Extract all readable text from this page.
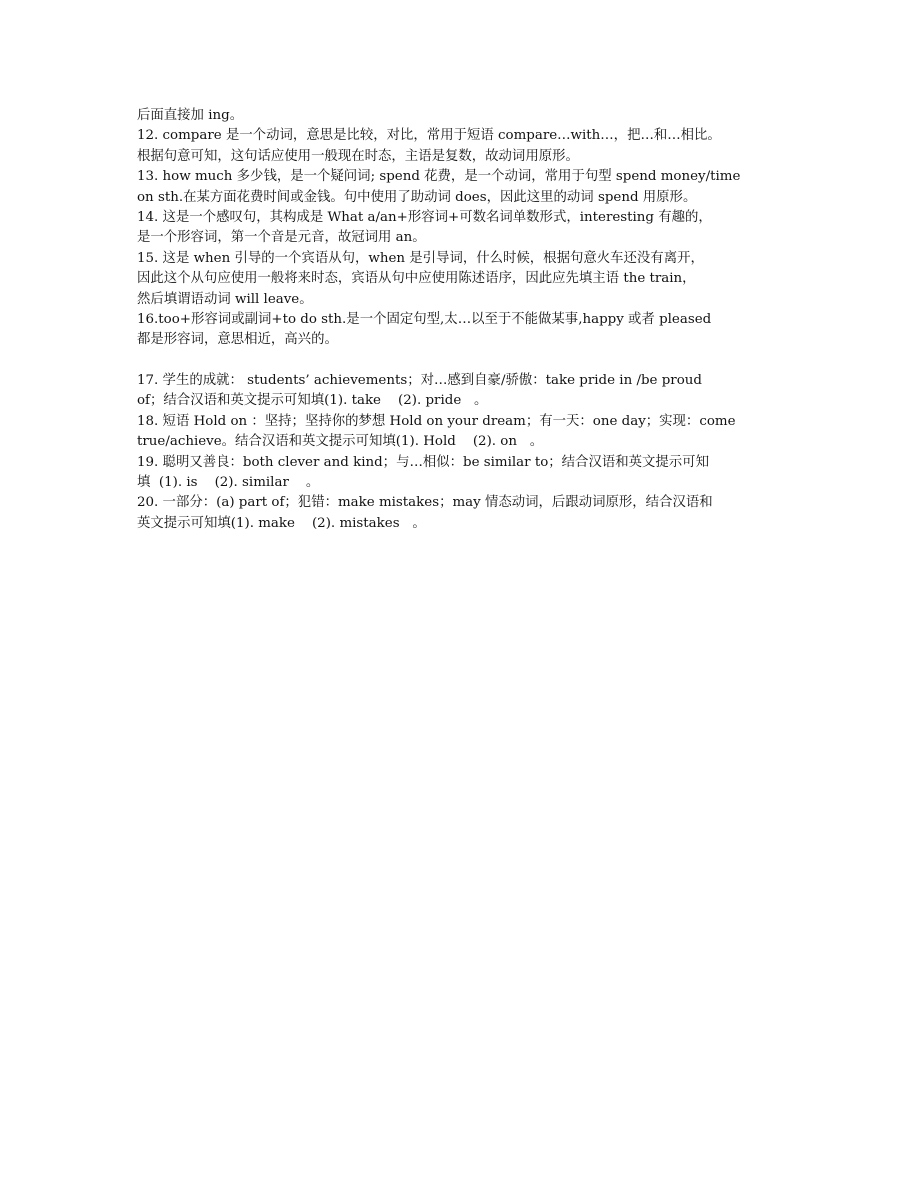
后面直接加 ing。
12. compare 是一个动词，意思是比较，对比，常用于短语 compare…with…，把…和…相比。
根据句意可知，这句话应使用一般现在时态，主语是复数，故动词用原形。
13. how much 多少钱，是一个疑问词; spend 花费，是一个动词，常用于句型 spend money/time
on sth.在某方面花费时间或金钱。句中使用了助动词 does，因此这里的动词 spend 用原形。
14. 这是一个感叹句，其构成是 What a/an+形容词+可数名词单数形式，interesting 有趣的，
是一个形容词，第一个音是元音，故冠词用 an。
15. 这是 when 引导的一个宾语从句，when 是引导词，什么时候，根据句意火车还没有离开，
因此这个从句应使用一般将来时态，宾语从句中应使用陈述语序，因此应先填主语 the train，
然后填谓语动词 will leave。
16.too+形容词或副词+to do sth.是一个固定句型,太…以至于不能做某事,happy 或者 pleased
都是形容词，意思相近，高兴的。
17. 学生的成就： students’ achievements；对…感到自豪/骄傲：take pride in /be proud
of；结合汉语和英文提示可知填(1). take    (2). pride   。
18. 短语 Hold on ：坚持；坚持你的梦想 Hold on your dream；有一天：one day；实现：come
true/achieve。结合汉语和英文提示可知填(1). Hold    (2). on   。
19. 聪明又善良：both clever and kind；与…相似：be similar to；结合汉语和英文提示可知
填  (1). is    (2). similar    。
20. 一部分：(a) part of；犯错：make mistakes；may 情态动词，后跟动词原形，结合汉语和
英文提示可知填(1). make    (2). mistakes   。
